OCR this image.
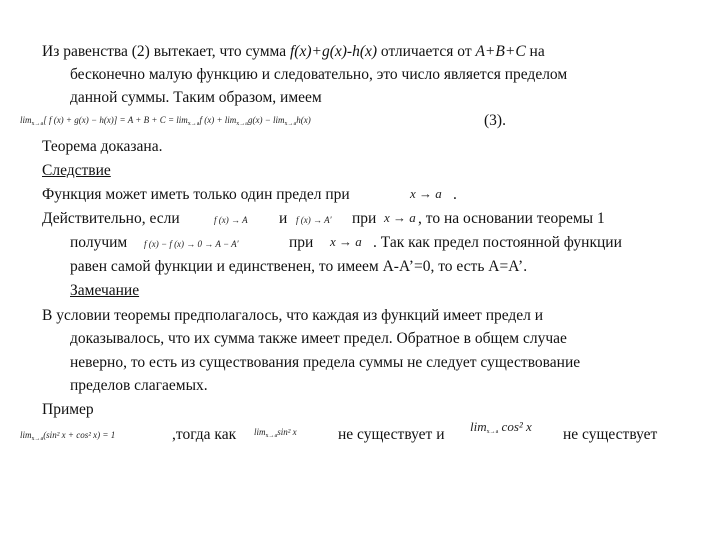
Из равенства (2) вытекает, что сумма f(x)+g(x)-h(x) отличается от A+B+C на
бесконечно малую функцию и следовательно, это число является пределом
данной суммы. Таким образом, имеем
$\lim_{x\to a}$[ f $(x) + g(x) - h(x)] = A + B + C = \lim_{x\to a}f$ $(x) + \lim_{x\to a}g(x) - \lim_{x\to a}h(x)$	(3).
Теорема доказана.
Следствие
Функция может иметь только один предел при	x → a .
Действительно, если	f (x) → A и f (x) → A′ при x → a , то на основании теоремы 1
получим f (x) − f (x) → 0 → A − A′	при x → a . Так как предел постоянной функции
равен самой функции и единственен, то имеем А-А’=0, то есть А=А’.
Замечание
В условии теоремы предполагалось, что каждая из функций имеет предел и
доказывалось, что их сумма также имеет предел. Обратное в общем случае
неверно, то есть из существования предела суммы не следует существование
пределов слагаемых.
Пример
$\lim_{x\to a}(\sin^2$ x + cos² x) = 1	,тогда как $\lim_{x\to a}\sin^2$ x	не существует и $\lim_{x\to a} \cos^2$ x не существует
